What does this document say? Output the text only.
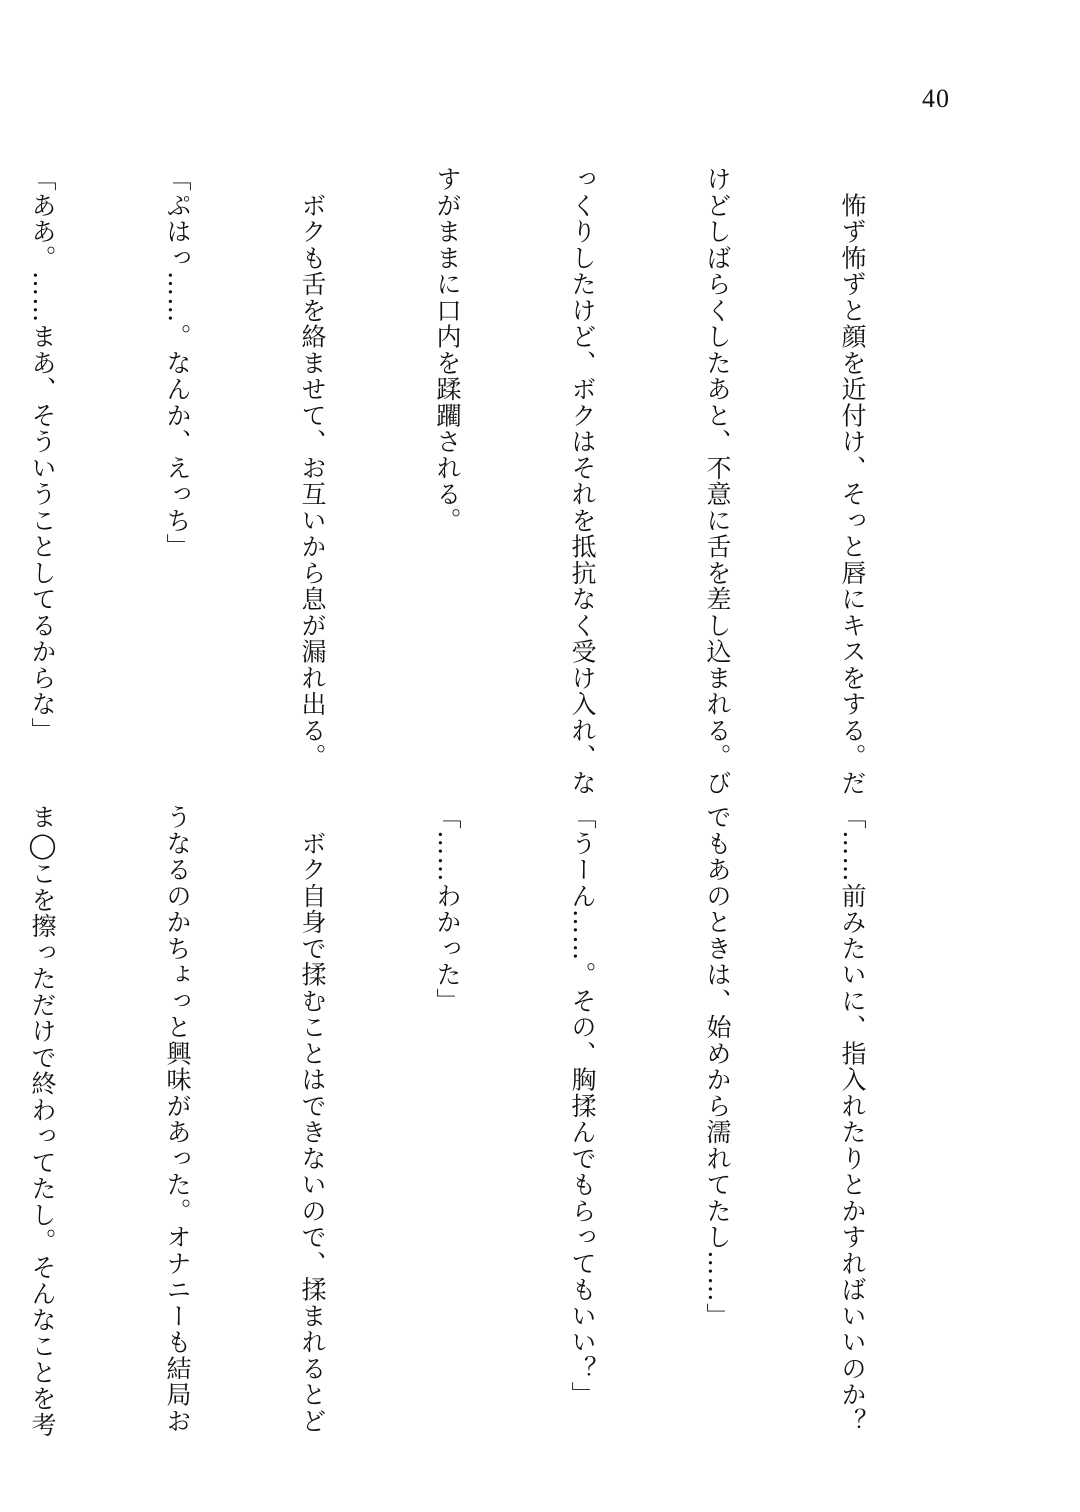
40

　怖ず怖ずと顔を近付け、そっと唇にキスをする。だ

けどしばらくしたあと、不意に舌を差し込まれる。び

っくりしたけど、ボクはそれを抵抗なく受け入れ、な

すがままに口内を蹂躙される。

　ボクも舌を絡ませて、お互いから息が漏れ出る。

「ぷはっ……。なんか、えっち」

「ああ。……まあ、そういうことしてるからな」

「……前みたいに、指入れたりとかすればいいのか？

でもあのときは、始めから濡れてたし……」

「うーん……。その、胸揉んでもらってもいい？」

「……わかった」

　ボク自身で揉むことはできないので、揉まれるとど

うなるのかちょっと興味があった。オナニーも結局お

ま◯こを擦っただけで終わってたし。そんなことを考
